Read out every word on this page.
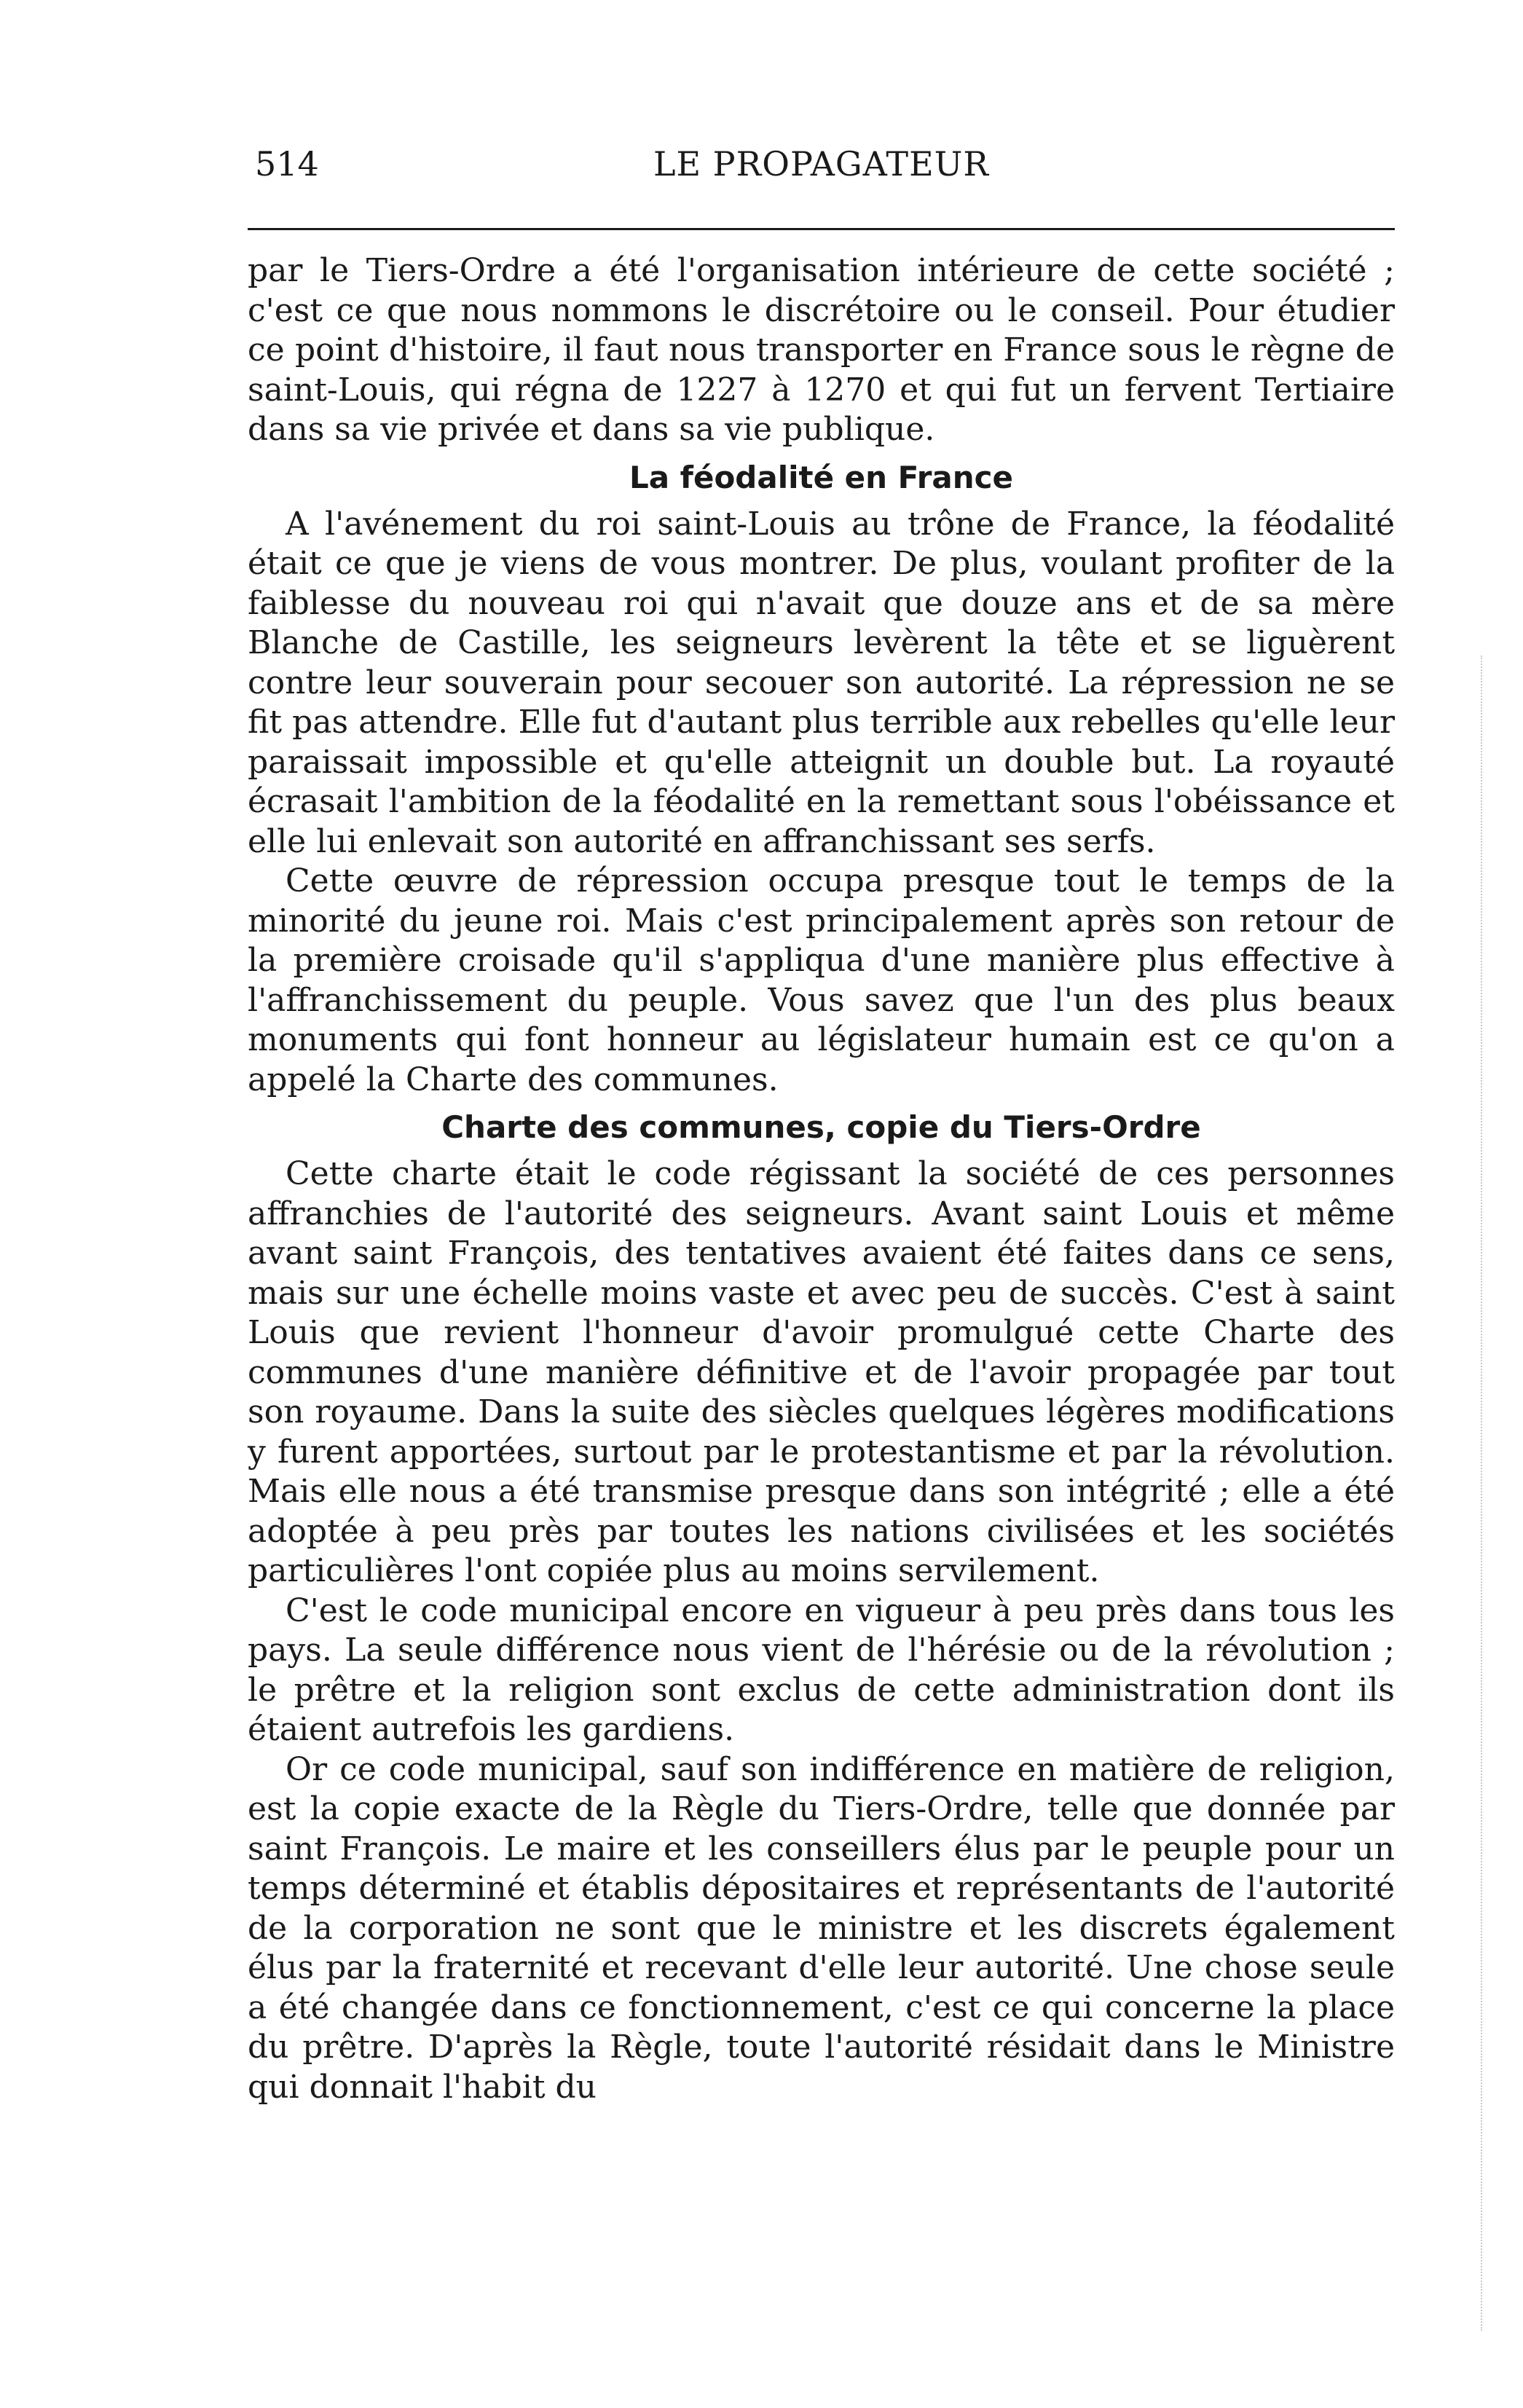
514	LE PROPAGATEUR

par le Tiers-Ordre a été l'organisation intérieure de cette société ; c'est ce que nous nommons le discrétoire ou le conseil. Pour étudier ce point d'histoire, il faut nous transporter en France sous le règne de saint-Louis, qui régna de 1227 à 1270 et qui fut un fervent Tertiaire dans sa vie privée et dans sa vie publique.

La féodalité en France

A l'avénement du roi saint-Louis au trône de France, la féodalité était ce que je viens de vous montrer. De plus, voulant profiter de la faiblesse du nouveau roi qui n'avait que douze ans et de sa mère Blanche de Castille, les seigneurs levèrent la tête et se liguèrent contre leur souverain pour secouer son autorité. La répression ne se fit pas attendre. Elle fut d'autant plus terrible aux rebelles qu'elle leur paraissait impossible et qu'elle atteignit un double but. La royauté écrasait l'ambition de la féodalité en la remettant sous l'obéissance et elle lui enlevait son autorité en affranchissant ses serfs.

Cette œuvre de répression occupa presque tout le temps de la minorité du jeune roi. Mais c'est principalement après son retour de la première croisade qu'il s'appliqua d'une manière plus effective à l'affranchissement du peuple. Vous savez que l'un des plus beaux monuments qui font honneur au législateur humain est ce qu'on a appelé la Charte des communes.

Charte des communes, copie du Tiers-Ordre

Cette charte était le code régissant la société de ces personnes affranchies de l'autorité des seigneurs. Avant saint Louis et même avant saint François, des tentatives avaient été faites dans ce sens, mais sur une échelle moins vaste et avec peu de succès. C'est à saint Louis que revient l'honneur d'avoir promulgué cette Charte des communes d'une manière définitive et de l'avoir propagée par tout son royaume. Dans la suite des siècles quelques légères modifications y furent apportées, surtout par le protestantisme et par la révolution. Mais elle nous a été transmise presque dans son intégrité ; elle a été adoptée à peu près par toutes les nations civilisées et les sociétés particulières l'ont copiée plus au moins servilement.

C'est le code municipal encore en vigueur à peu près dans tous les pays. La seule différence nous vient de l'hérésie ou de la révolution ; le prêtre et la religion sont exclus de cette administration dont ils étaient autrefois les gardiens.

Or ce code municipal, sauf son indifférence en matière de religion, est la copie exacte de la Règle du Tiers-Ordre, telle que donnée par saint François. Le maire et les conseillers élus par le peuple pour un temps déterminé et établis dépositaires et représentants de l'autorité de la corporation ne sont que le ministre et les discrets également élus par la fraternité et recevant d'elle leur autorité. Une chose seule a été changée dans ce fonctionnement, c'est ce qui concerne la place du prêtre. D'après la Règle, toute l'autorité résidait dans le Ministre qui donnait l'habit du
